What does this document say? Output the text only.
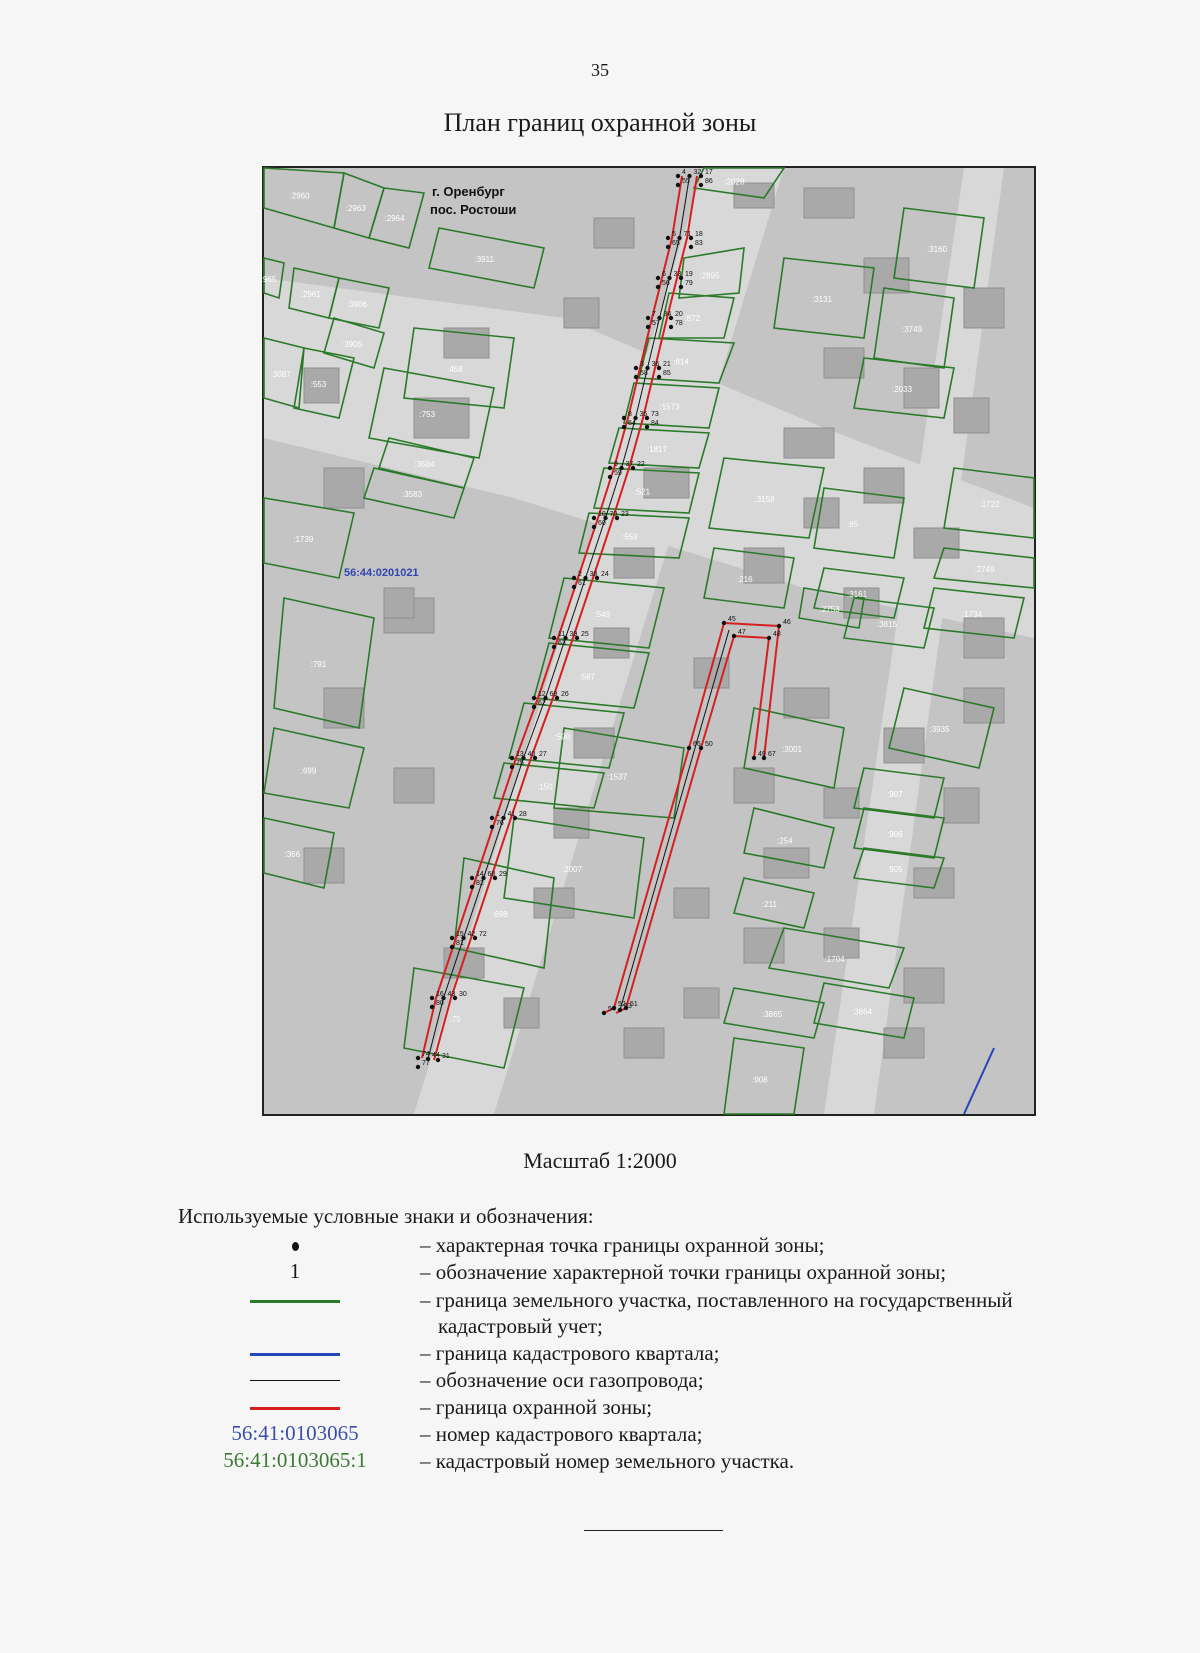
35
План границ охранной зоны
:2960
:2963
:2964
:3911
:2028
:965
:2961
:3906
:3905
:3087
:553
:458
:753
:3584
:3583
:1739
:2895
:872
:814
:1573
:1817
:521
:559
:549
:587
:590
:150
:1537
:2007
:698
:75
:791
:699
:366
:3160
:3131
:3749
:2033
:3158
:65
:1722
:2749
:216
:3161
:2753
:3815
:1734
:3935
:3001
:907
:906
:905
:254
:211
:1704
:3865	:3864
:908
4
5
6
7
3
8
9
10
2
11
12
13
1
14
15
16
74
17
18
19
20
21
73
22
23
24
25
26
27
28
29
72
30
31
32
71
33
34
36
35
37
70
38
39
69
40
41
68
42
43
44
45	46
47	48
67
49
50
66
51
52
53
54
55
65
56
57
58
64
59
60
61
63
62
75
76
82
81
80
77
86
83
79
78
85
84
г. Оренбург
пос. Ростоши
56:44:0201021
Масштаб 1:2000
Используемые условные знаки и обозначения:
– характерная точка границы охранной зоны;
1	– обозначение характерной точки границы охранной зоны;
– граница земельного участка, поставленного на государственный
кадастровый учет;
– граница кадастрового квартала;
– обозначение оси газопровода;
– граница охранной зоны;
56:41:0103065	– номер кадастрового квартала;
56:41:0103065:1	– кадастровый номер земельного участка.
